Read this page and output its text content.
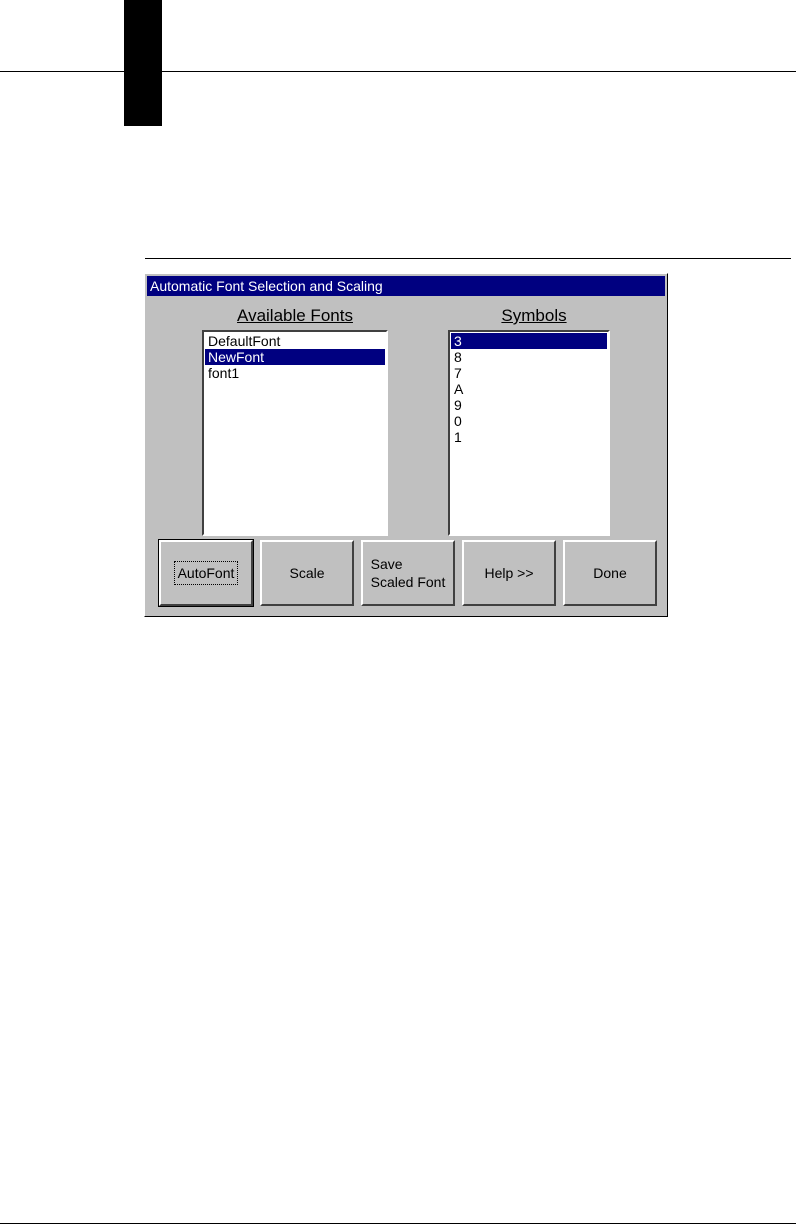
Automatic Font Selection and Scaling
Available Fonts	Symbols
DefaultFont
NewFont
font1
3
8
7
A
9
0
1
AutoFont	Scale
Save
Scaled Font
Help >>	Done
